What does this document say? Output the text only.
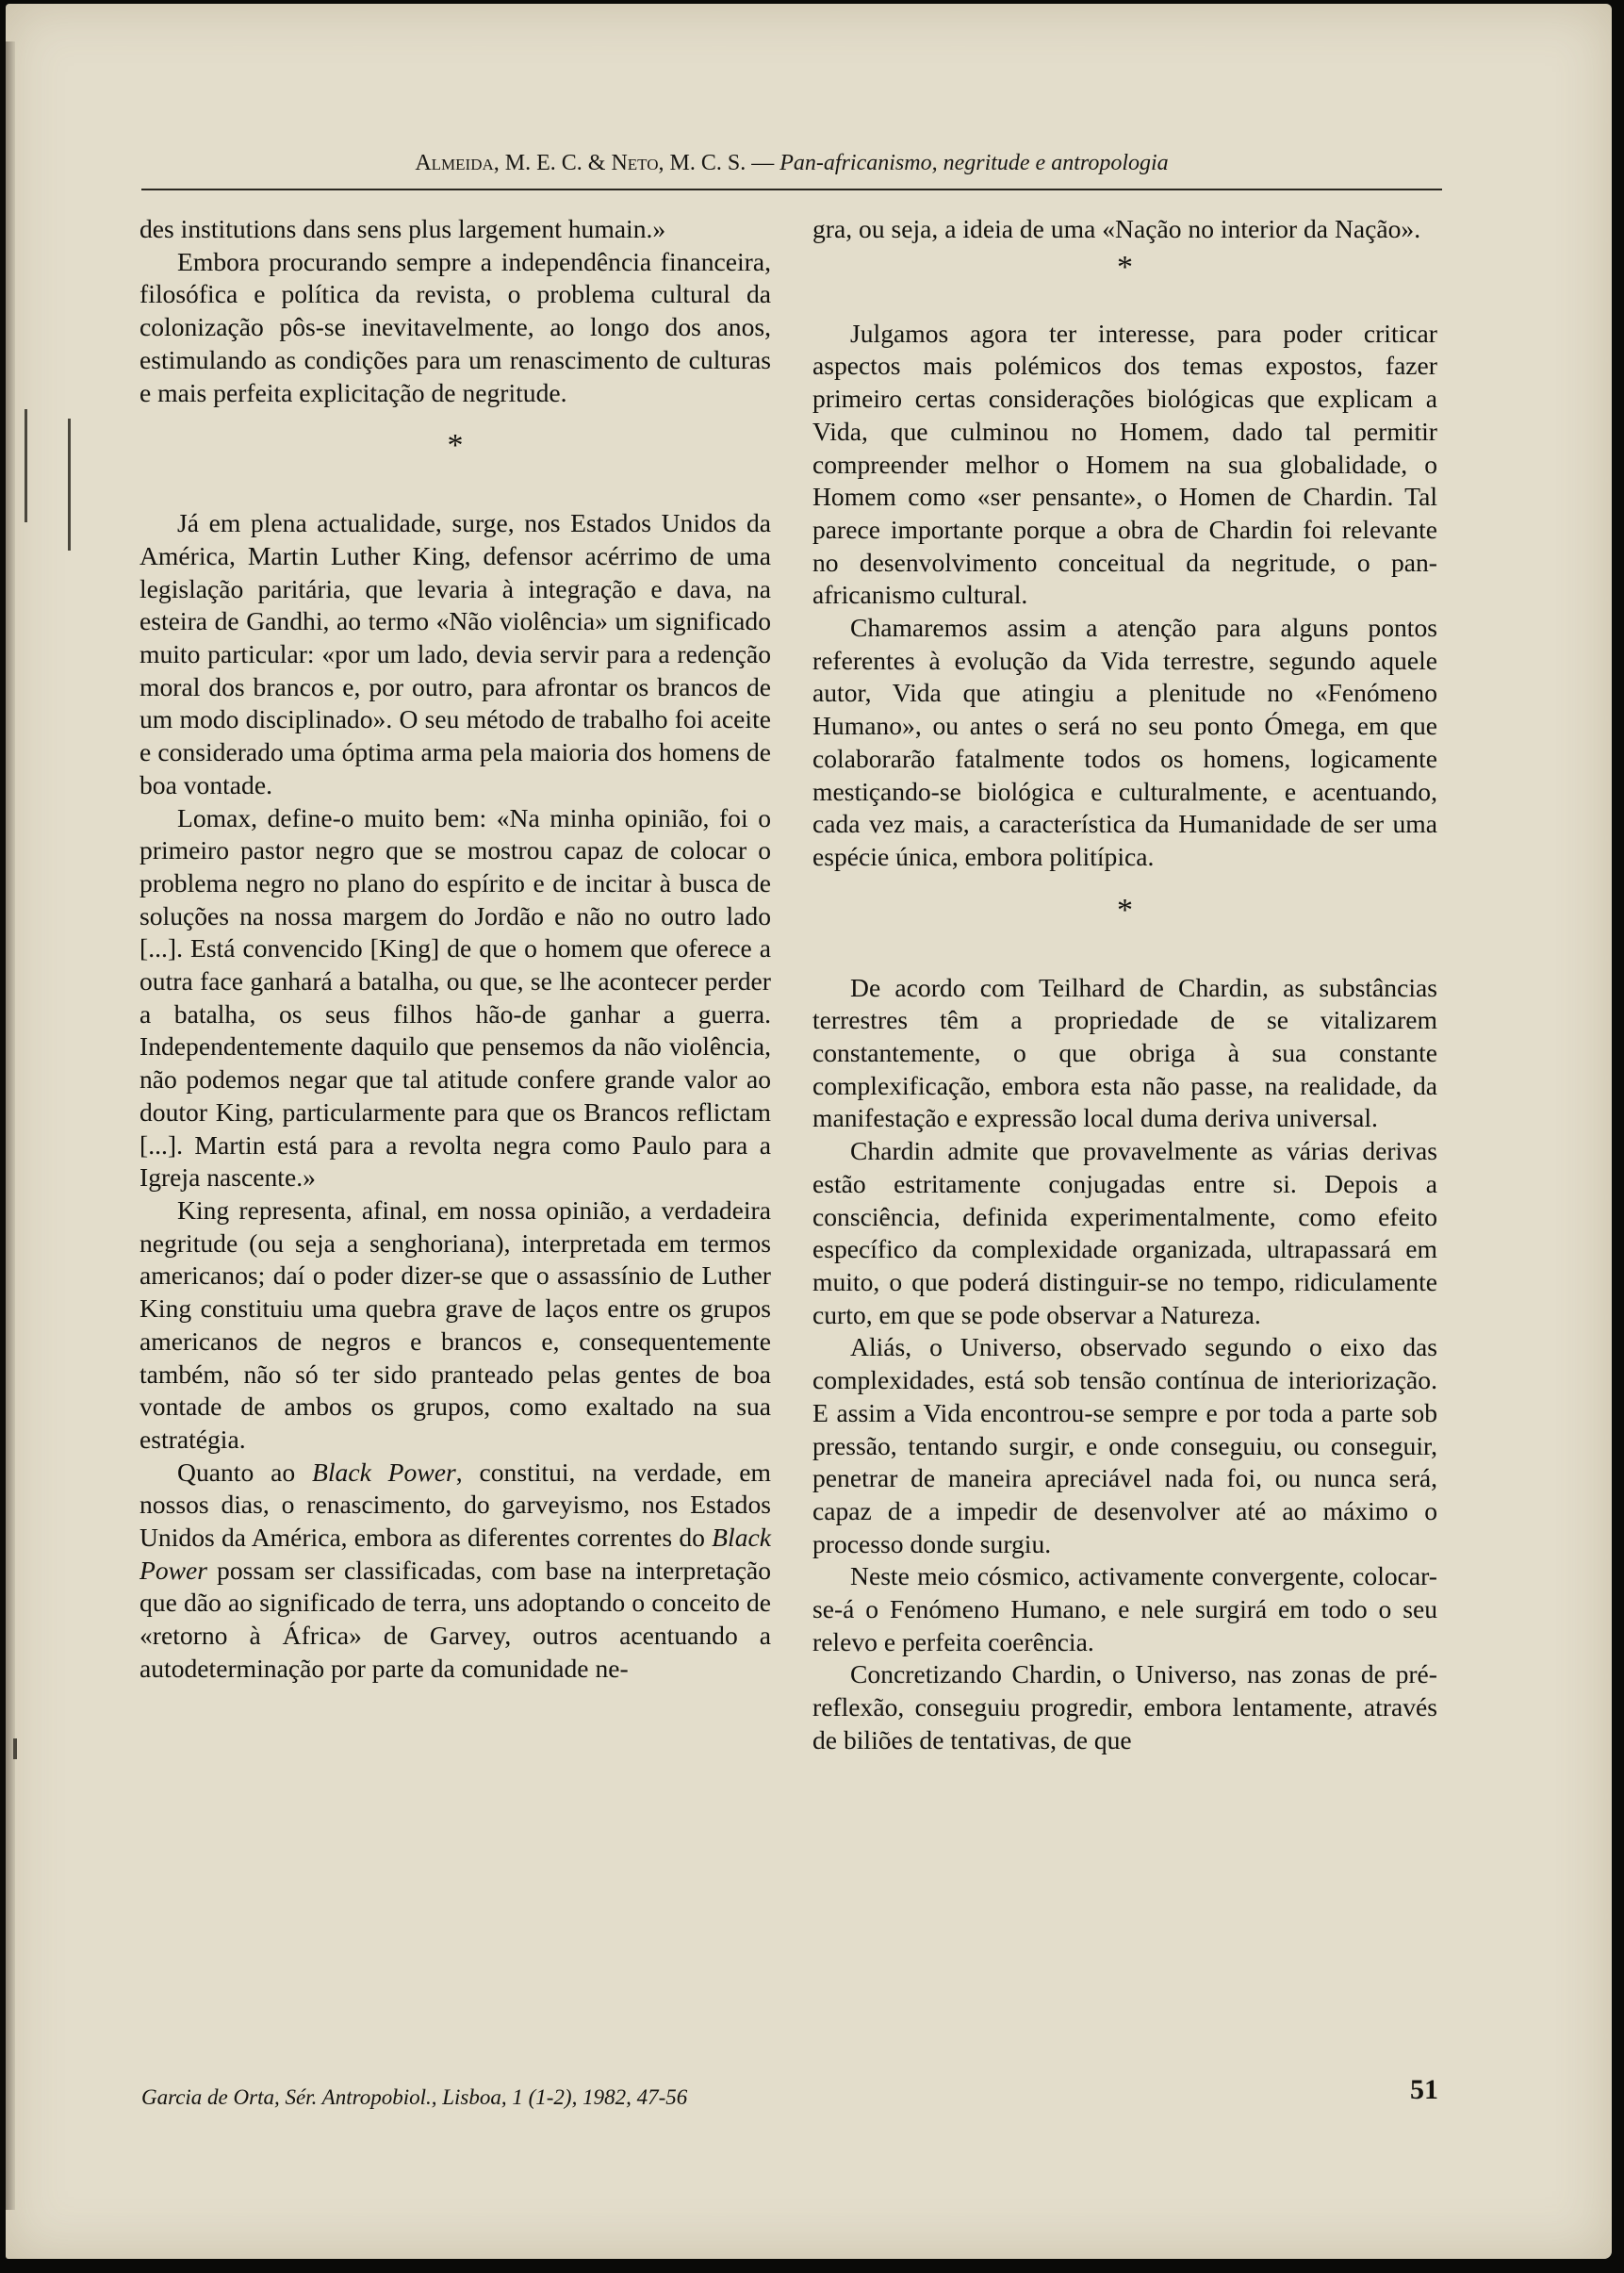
Almeida, M. E. C. & Neto, M. C. S. — Pan-africanismo, negritude e antropologia

des institutions dans sens plus largement humain.»

Embora procurando sempre a independência financeira, filosófica e política da revista, o problema cultural da colonização pôs-se inevitavelmente, ao longo dos anos, estimulando as condições para um renascimento de culturas e mais perfeita explicitação de negritude.

*

Já em plena actualidade, surge, nos Estados Unidos da América, Martin Luther King, defensor acérrimo de uma legislação paritária, que levaria à integração e dava, na esteira de Gandhi, ao termo «Não violência» um significado muito particular: «por um lado, devia servir para a redenção moral dos brancos e, por outro, para afrontar os brancos de um modo disciplinado». O seu método de trabalho foi aceite e considerado uma óptima arma pela maioria dos homens de boa vontade.

Lomax, define-o muito bem: «Na minha opinião, foi o primeiro pastor negro que se mostrou capaz de colocar o problema negro no plano do espírito e de incitar à busca de soluções na nossa margem do Jordão e não no outro lado [...]. Está convencido [King] de que o homem que oferece a outra face ganhará a batalha, ou que, se lhe acontecer perder a batalha, os seus filhos hão-de ganhar a guerra. Independentemente daquilo que pensemos da não violência, não podemos negar que tal atitude confere grande valor ao doutor King, particularmente para que os Brancos reflictam [...]. Martin está para a revolta negra como Paulo para a Igreja nascente.»

King representa, afinal, em nossa opinião, a verdadeira negritude (ou seja a senghoriana), interpretada em termos americanos; daí o poder dizer-se que o assassínio de Luther King constituiu uma quebra grave de laços entre os grupos americanos de negros e brancos e, consequentemente também, não só ter sido pranteado pelas gentes de boa vontade de ambos os grupos, como exaltado na sua estratégia.

Quanto ao Black Power, constitui, na verdade, em nossos dias, o renascimento, do garveyismo, nos Estados Unidos da América, embora as diferentes correntes do Black Power possam ser classificadas, com base na interpretação que dão ao significado de terra, uns adoptando o conceito de «retorno à África» de Garvey, outros acentuando a autodeterminação por parte da comunidade ne-

gra, ou seja, a ideia de uma «Nação no interior da Nação».

*

Julgamos agora ter interesse, para poder criticar aspectos mais polémicos dos temas expostos, fazer primeiro certas considerações biológicas que explicam a Vida, que culminou no Homem, dado tal permitir compreender melhor o Homem na sua globalidade, o Homem como «ser pensante», o Homen de Chardin. Tal parece importante porque a obra de Chardin foi relevante no desenvolvimento conceitual da negritude, o pan-africanismo cultural.

Chamaremos assim a atenção para alguns pontos referentes à evolução da Vida terrestre, segundo aquele autor, Vida que atingiu a plenitude no «Fenómeno Humano», ou antes o será no seu ponto Ómega, em que colaborarão fatalmente todos os homens, logicamente mestiçando-se biológica e culturalmente, e acentuando, cada vez mais, a característica da Humanidade de ser uma espécie única, embora politípica.

*

De acordo com Teilhard de Chardin, as substâncias terrestres têm a propriedade de se vitalizarem constantemente, o que obriga à sua constante complexificação, embora esta não passe, na realidade, da manifestação e expressão local duma deriva universal.

Chardin admite que provavelmente as várias derivas estão estritamente conjugadas entre si. Depois a consciência, definida experimentalmente, como efeito específico da complexidade organizada, ultrapassará em muito, o que poderá distinguir-se no tempo, ridiculamente curto, em que se pode observar a Natureza.

Aliás, o Universo, observado segundo o eixo das complexidades, está sob tensão contínua de interiorização. E assim a Vida encontrou-se sempre e por toda a parte sob pressão, tentando surgir, e onde conseguiu, ou conseguir, penetrar de maneira apreciável nada foi, ou nunca será, capaz de a impedir de desenvolver até ao máximo o processo donde surgiu.

Neste meio cósmico, activamente convergente, colocar-se-á o Fenómeno Humano, e nele surgirá em todo o seu relevo e perfeita coerência.

Concretizando Chardin, o Universo, nas zonas de pré-reflexão, conseguiu progredir, embora lentamente, através de biliões de tentativas, de que

Garcia de Orta, Sér. Antropobiol., Lisboa, 1 (1-2), 1982, 47-56	51
